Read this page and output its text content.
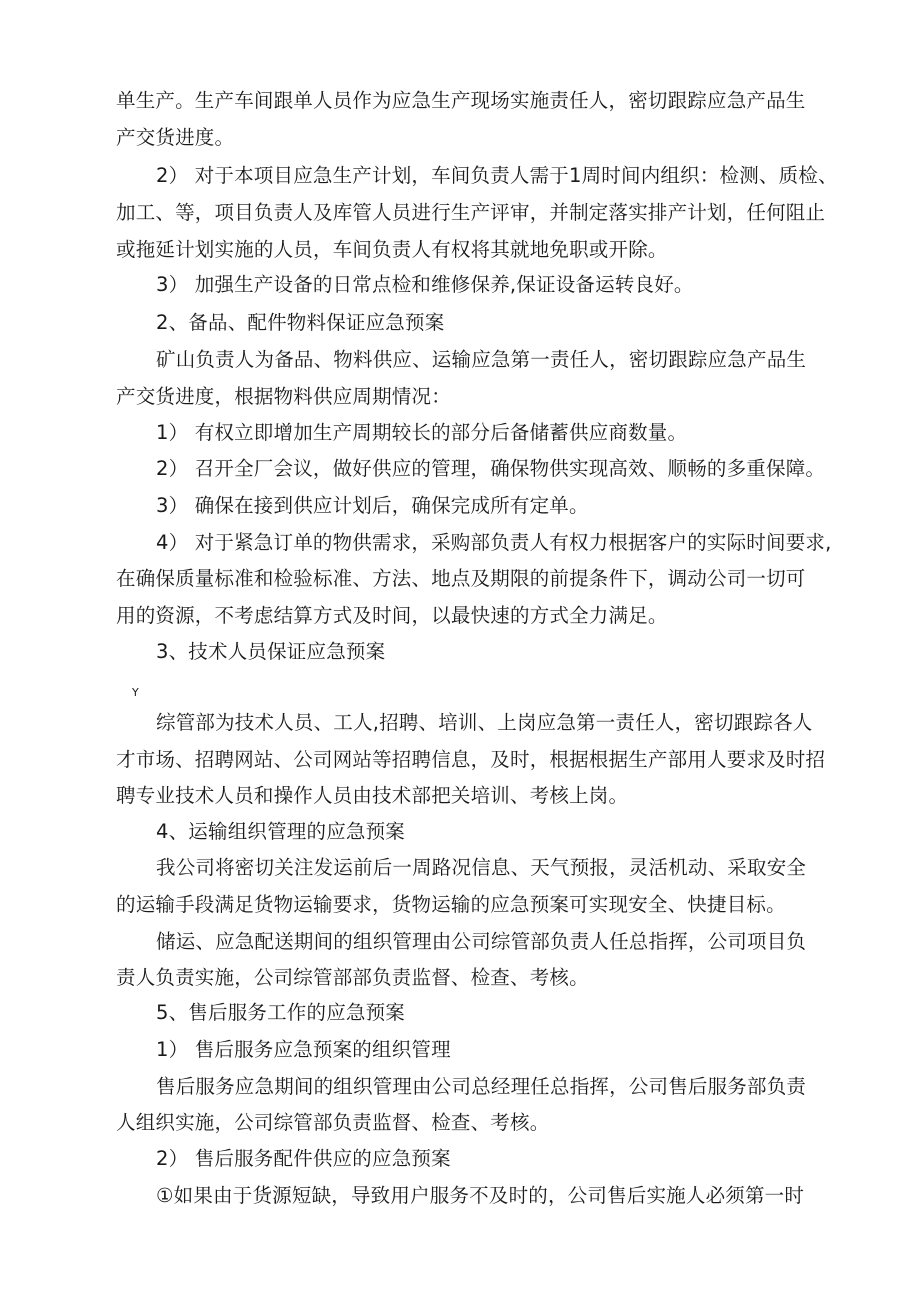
单生产。生产车间跟单人员作为应急生产现场实施责任人，密切跟踪应急产品生
产交货进度。
2） 对于本项目应急生产计划，车间负责人需于1周时间内组织：检测、质检、
加工、等，项目负责人及库管人员进行生产评审，并制定落实排产计划，任何阻止
或拖延计划实施的人员，车间负责人有权将其就地免职或开除。
3） 加强生产设备的日常点检和维修保养,保证设备运转良好。
2、备品、配件物料保证应急预案
矿山负责人为备品、物料供应、运输应急第一责任人，密切跟踪应急产品生
产交货进度，根据物料供应周期情况：
1） 有权立即增加生产周期较长的部分后备储蓄供应商数量。
2） 召开全厂会议，做好供应的管理，确保物供实现高效、顺畅的多重保障。
3） 确保在接到供应计划后，确保完成所有定单。
4） 对于紧急订单的物供需求，采购部负责人有权力根据客户的实际时间要求,
在确保质量标准和检验标准、方法、地点及期限的前提条件下，调动公司一切可
用的资源，不考虑结算方式及时间，以最快速的方式全力满足。
3、技术人员保证应急预案
Y
综管部为技术人员、工人,招聘、培训、上岗应急第一责任人，密切跟踪各人
才市场、招聘网站、公司网站等招聘信息，及时，根据根据生产部用人要求及时招
聘专业技术人员和操作人员由技术部把关培训、考核上岗。
4、运输组织管理的应急预案
我公司将密切关注发运前后一周路况信息、天气预报，灵活机动、采取安全
的运输手段满足货物运输要求，货物运输的应急预案可实现安全、快捷目标。
储运、应急配送期间的组织管理由公司综管部负责人任总指挥，公司项目负
责人负责实施，公司综管部部负责监督、检查、考核。
5、售后服务工作的应急预案
1） 售后服务应急预案的组织管理
售后服务应急期间的组织管理由公司总经理任总指挥，公司售后服务部负责
人组织实施，公司综管部负责监督、检查、考核。
2） 售后服务配件供应的应急预案
①如果由于货源短缺，导致用户服务不及时的，公司售后实施人必须第一时
